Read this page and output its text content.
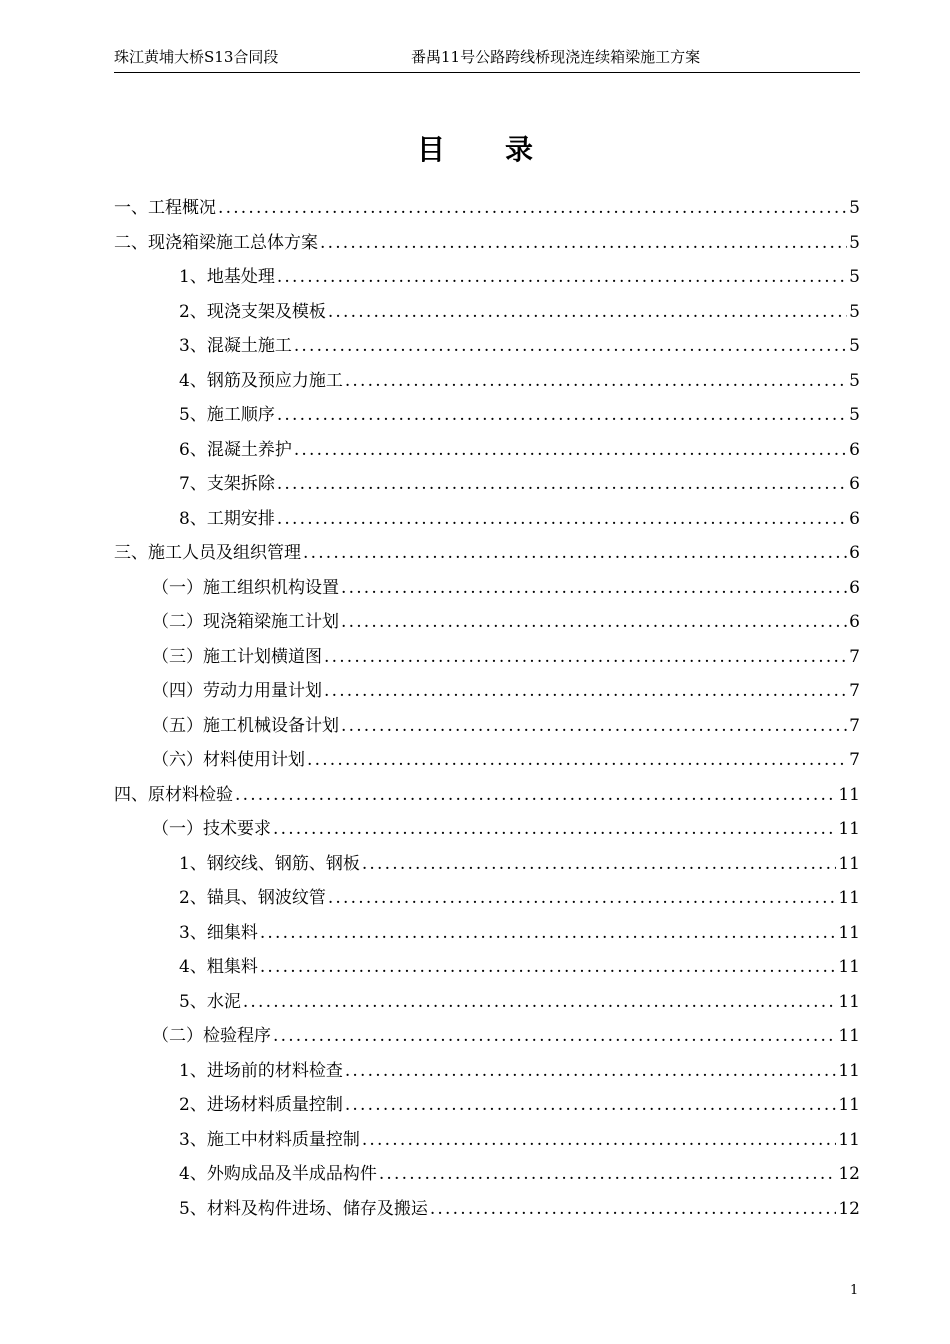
珠江黄埔大桥S13合同段	番禺11号公路跨线桥现浇连续箱梁施工方案
目录
一、工程概况 .....	5
二、现浇箱梁施工总体方案 .....	5
1、地基处理 .....	5
2、现浇支架及模板 .....	5
3、混凝土施工 .....	5
4、钢筋及预应力施工 .....	5
5、施工顺序 .....	5
6、混凝土养护 .....	6
7、支架拆除 .....	6
8、工期安排 .....	6
三、施工人员及组织管理 .....	6
（一）施工组织机构设置 .....	6
（二）现浇箱梁施工计划 .....	6
（三）施工计划横道图 .....	7
（四）劳动力用量计划 .....	7
（五）施工机械设备计划 .....	7
（六）材料使用计划 .....	7
四、原材料检验 .....	11
（一）技术要求 .....	11
1、钢绞线、钢筋、钢板 .....	11
2、锚具、钢波纹管 .....	11
3、细集料 .....	11
4、粗集料 .....	11
5、水泥 .....	11
（二）检验程序 .....	11
1、进场前的材料检查 .....	11
2、进场材料质量控制 .....	11
3、施工中材料质量控制 .....	11
4、外购成品及半成品构件 .....	12
5、材料及构件进场、储存及搬运 .....	12
1
